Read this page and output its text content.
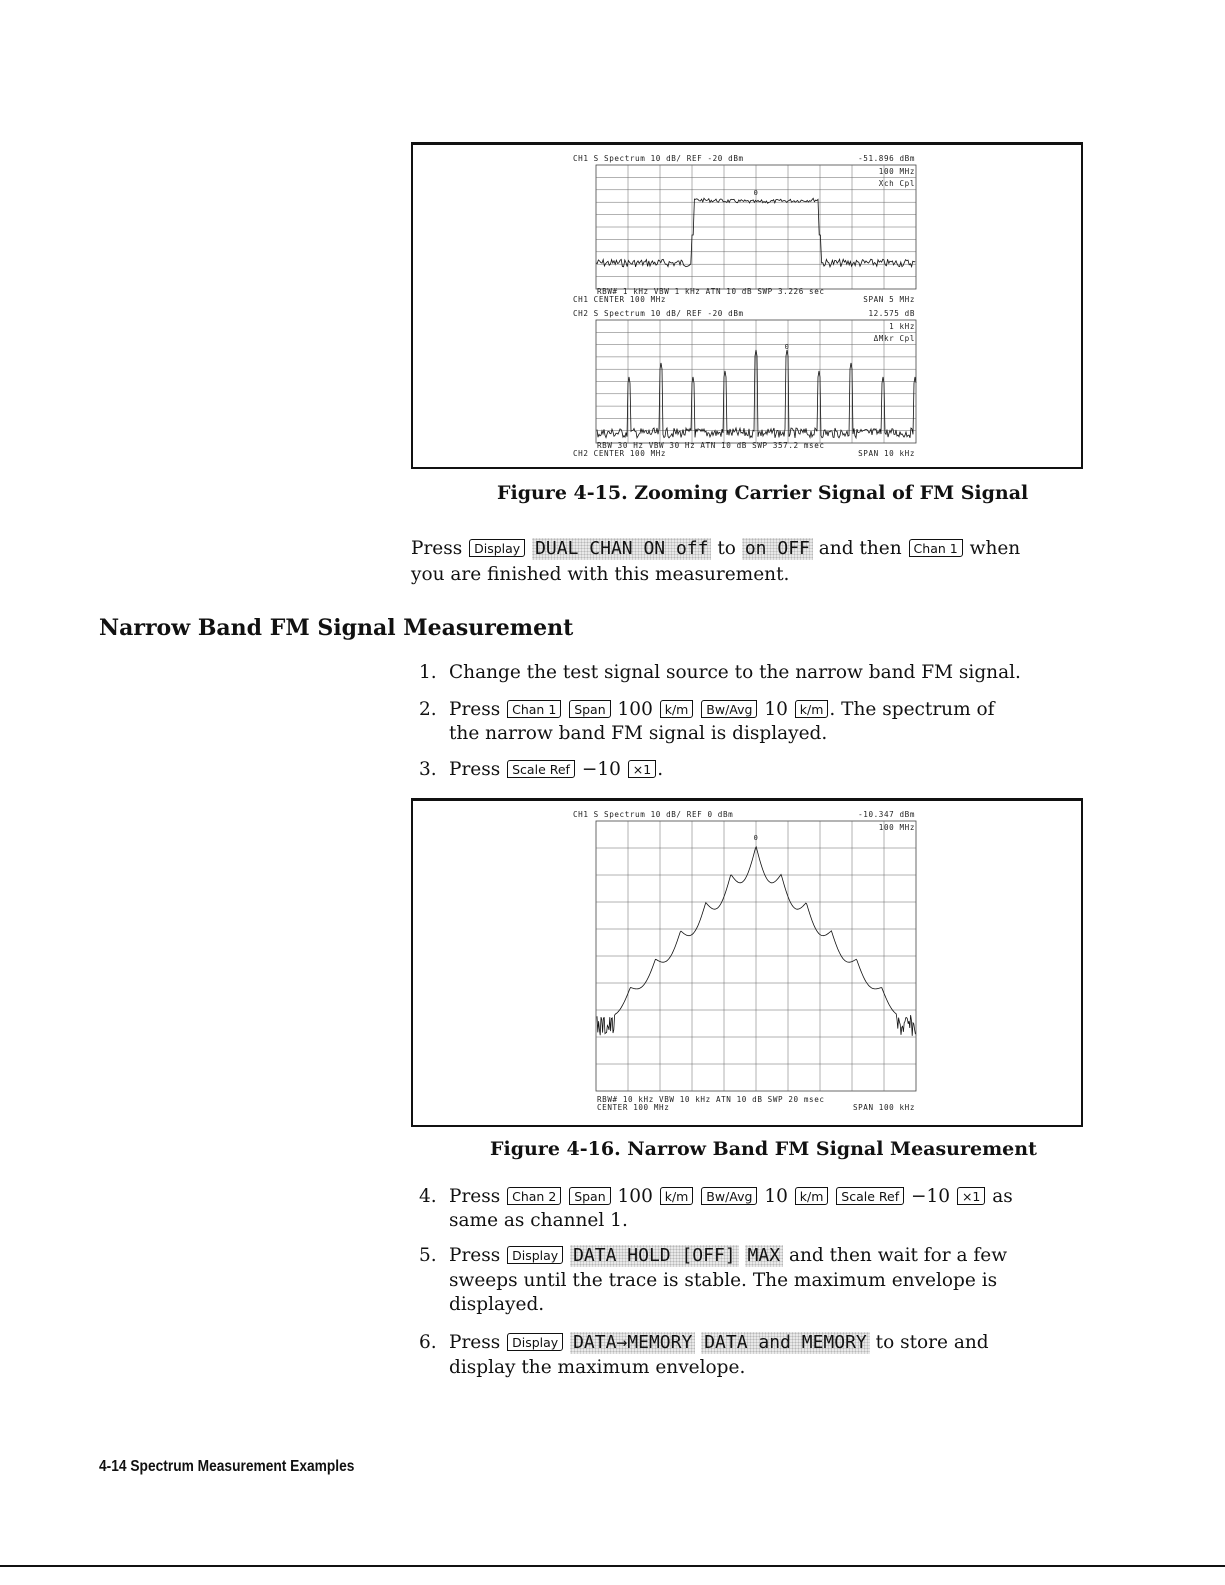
CH1 S Spectrum 10 dB/ REF -20 dBm	-51.896 dBm
100 MHz
Xch Cpl
0
RBW# 1 kHz VBW 1 kHz ATN 10 dB SWP 3.226 sec
CH1 CENTER 100 MHz	SPAN 5 MHz
CH2 S Spectrum 10 dB/ REF -20 dBm	12.575 dB
1 kHz
ΔMkr Cpl
0
RBW 30 Hz VBW 30 Hz ATN 10 dB SWP 357.2 msec
CH2 CENTER 100 MHz	SPAN 10 kHz
Figure 4-15. Zooming Carrier Signal of FM Signal
Press Display DUAL CHAN ON off to on OFF and then Chan 1 when
you are finished with this measurement.
Narrow Band FM Signal Measurement
1. Change the test signal source to the narrow band FM signal.
2. Press Chan 1 Span 100 k/m Bw/Avg 10 k/m . The spectrum of
the narrow band FM signal is displayed.
3. Press Scale Ref −10 ×1 .
CH1 S Spectrum 10 dB/ REF 0 dBm	-10.347 dBm
100 MHz
0
RBW# 10 kHz VBW 10 kHz ATN 10 dB SWP 20 msec
CENTER 100 MHz	SPAN 100 kHz
Figure 4-16. Narrow Band FM Signal Measurement
4. Press Chan 2 Span 100 k/m Bw/Avg 10 k/m Scale Ref −10 ×1 as
same as channel 1.
5. Press Display DATA HOLD [OFF] MAX and then wait for a few
sweeps until the trace is stable. The maximum envelope is
displayed.
6. Press Display DATA→MEMORY DATA and MEMORY to store and
display the maximum envelope.
4-14 Spectrum Measurement Examples
